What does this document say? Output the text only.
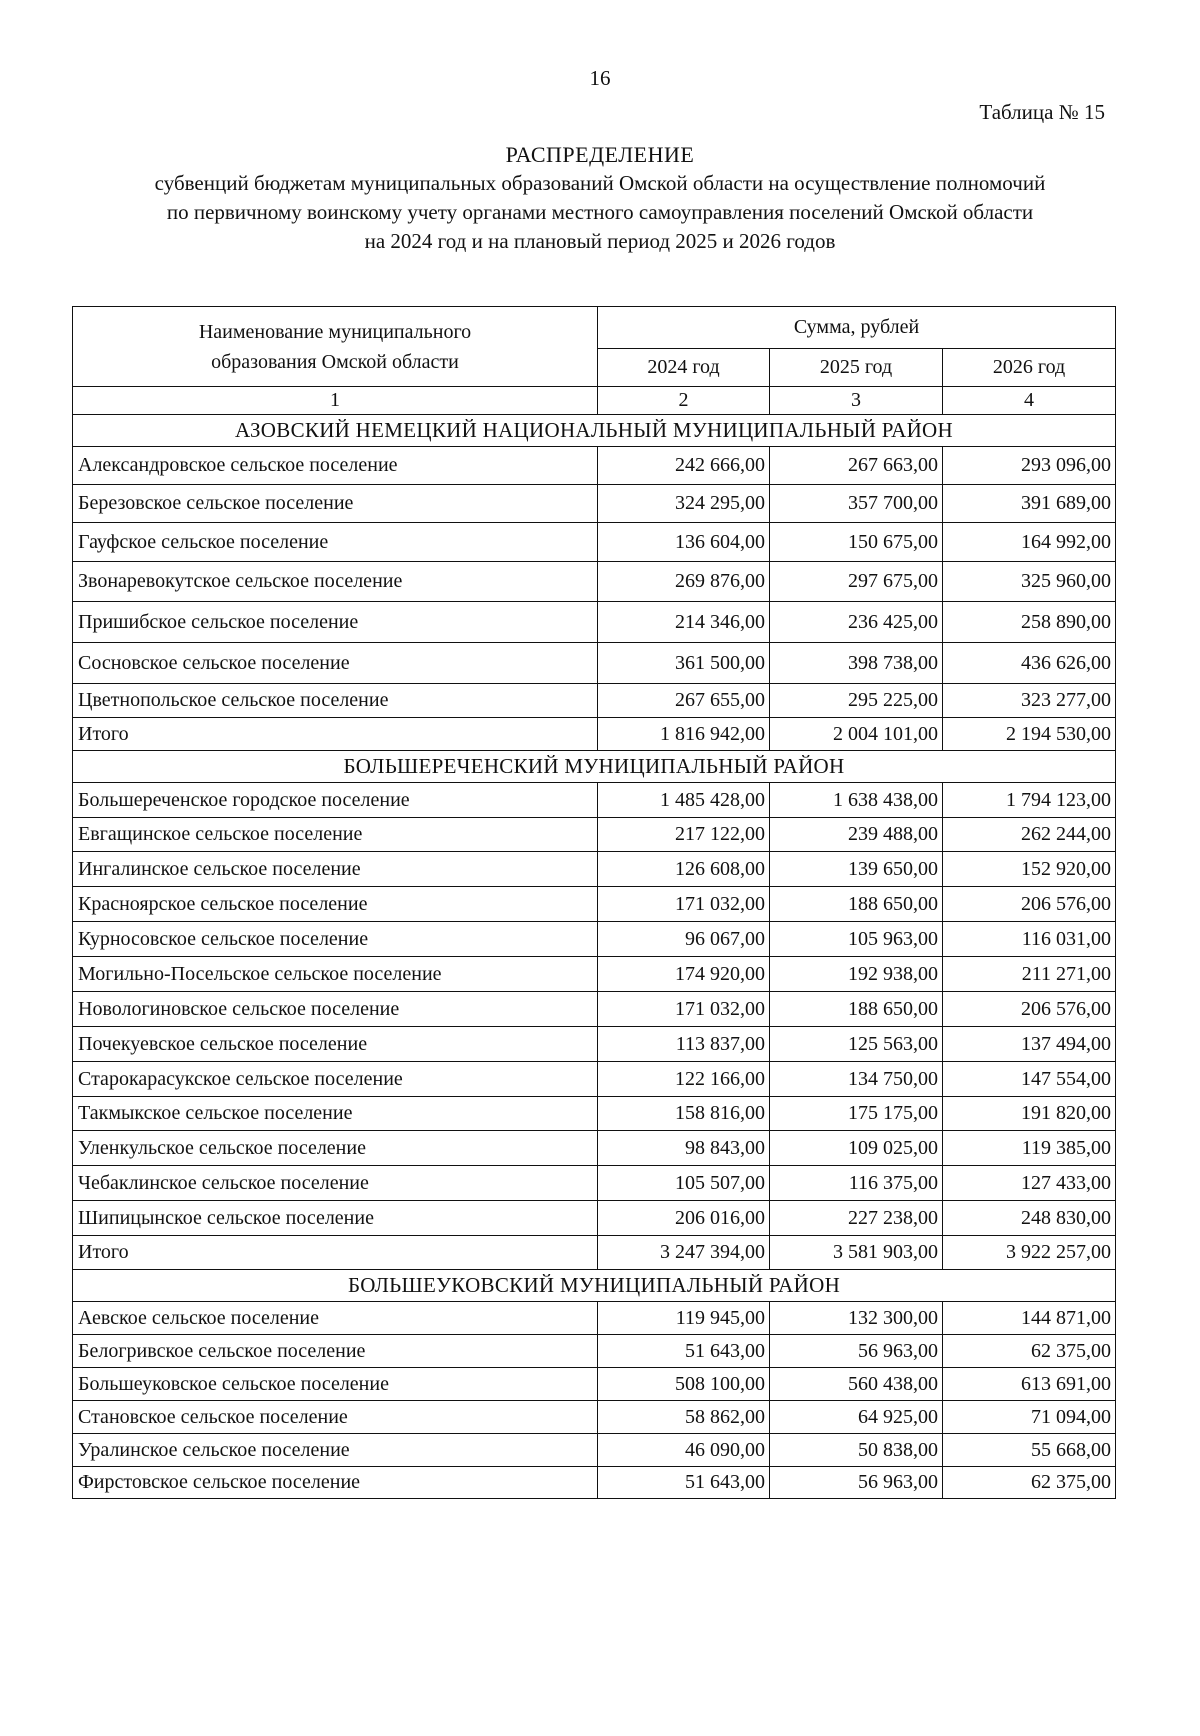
16
Таблица № 15
РАСПРЕДЕЛЕНИЕ
субвенций бюджетам муниципальных образований Омской области на осуществление полномочий
по первичному воинскому учету органами местного самоуправления поселений Омской области
на 2024 год и на плановый период 2025 и 2026 годов
Наименование муниципального
образования Омской области	Сумма, рублей		
	2024 год	2025 год	2026 год
1	2	3	4
АЗОВСКИЙ НЕМЕЦКИЙ НАЦИОНАЛЬНЫЙ МУНИЦИПАЛЬНЫЙ РАЙОН			
Александровское сельское поселение	242 666,00	267 663,00	293 096,00
Березовское сельское поселение	324 295,00	357 700,00	391 689,00
Гауфское сельское поселение	136 604,00	150 675,00	164 992,00
Звонаревокутское сельское поселение	269 876,00	297 675,00	325 960,00
Пришибское сельское поселение	214 346,00	236 425,00	258 890,00
Сосновское сельское поселение	361 500,00	398 738,00	436 626,00
Цветнопольское сельское поселение	267 655,00	295 225,00	323 277,00
Итого	1 816 942,00	2 004 101,00	2 194 530,00
БОЛЬШЕРЕЧЕНСКИЙ МУНИЦИПАЛЬНЫЙ РАЙОН			
Большереченское городское поселение	1 485 428,00	1 638 438,00	1 794 123,00
Евгащинское сельское поселение	217 122,00	239 488,00	262 244,00
Ингалинское сельское поселение	126 608,00	139 650,00	152 920,00
Красноярское сельское поселение	171 032,00	188 650,00	206 576,00
Курносовское сельское поселение	96 067,00	105 963,00	116 031,00
Могильно-Посельское сельское поселение	174 920,00	192 938,00	211 271,00
Новологиновское сельское поселение	171 032,00	188 650,00	206 576,00
Почекуевское сельское поселение	113 837,00	125 563,00	137 494,00
Старокарасукское сельское поселение	122 166,00	134 750,00	147 554,00
Такмыкское сельское поселение	158 816,00	175 175,00	191 820,00
Уленкульское сельское поселение	98 843,00	109 025,00	119 385,00
Чебаклинское сельское поселение	105 507,00	116 375,00	127 433,00
Шипицынское сельское поселение	206 016,00	227 238,00	248 830,00
Итого	3 247 394,00	3 581 903,00	3 922 257,00
БОЛЬШЕУКОВСКИЙ МУНИЦИПАЛЬНЫЙ РАЙОН			
Аевское сельское поселение	119 945,00	132 300,00	144 871,00
Белогривское сельское поселение	51 643,00	56 963,00	62 375,00
Большеуковское сельское поселение	508 100,00	560 438,00	613 691,00
Становское сельское поселение	58 862,00	64 925,00	71 094,00
Уралинское сельское поселение	46 090,00	50 838,00	55 668,00
Фирстовское сельское поселение	51 643,00	56 963,00	62 375,00
